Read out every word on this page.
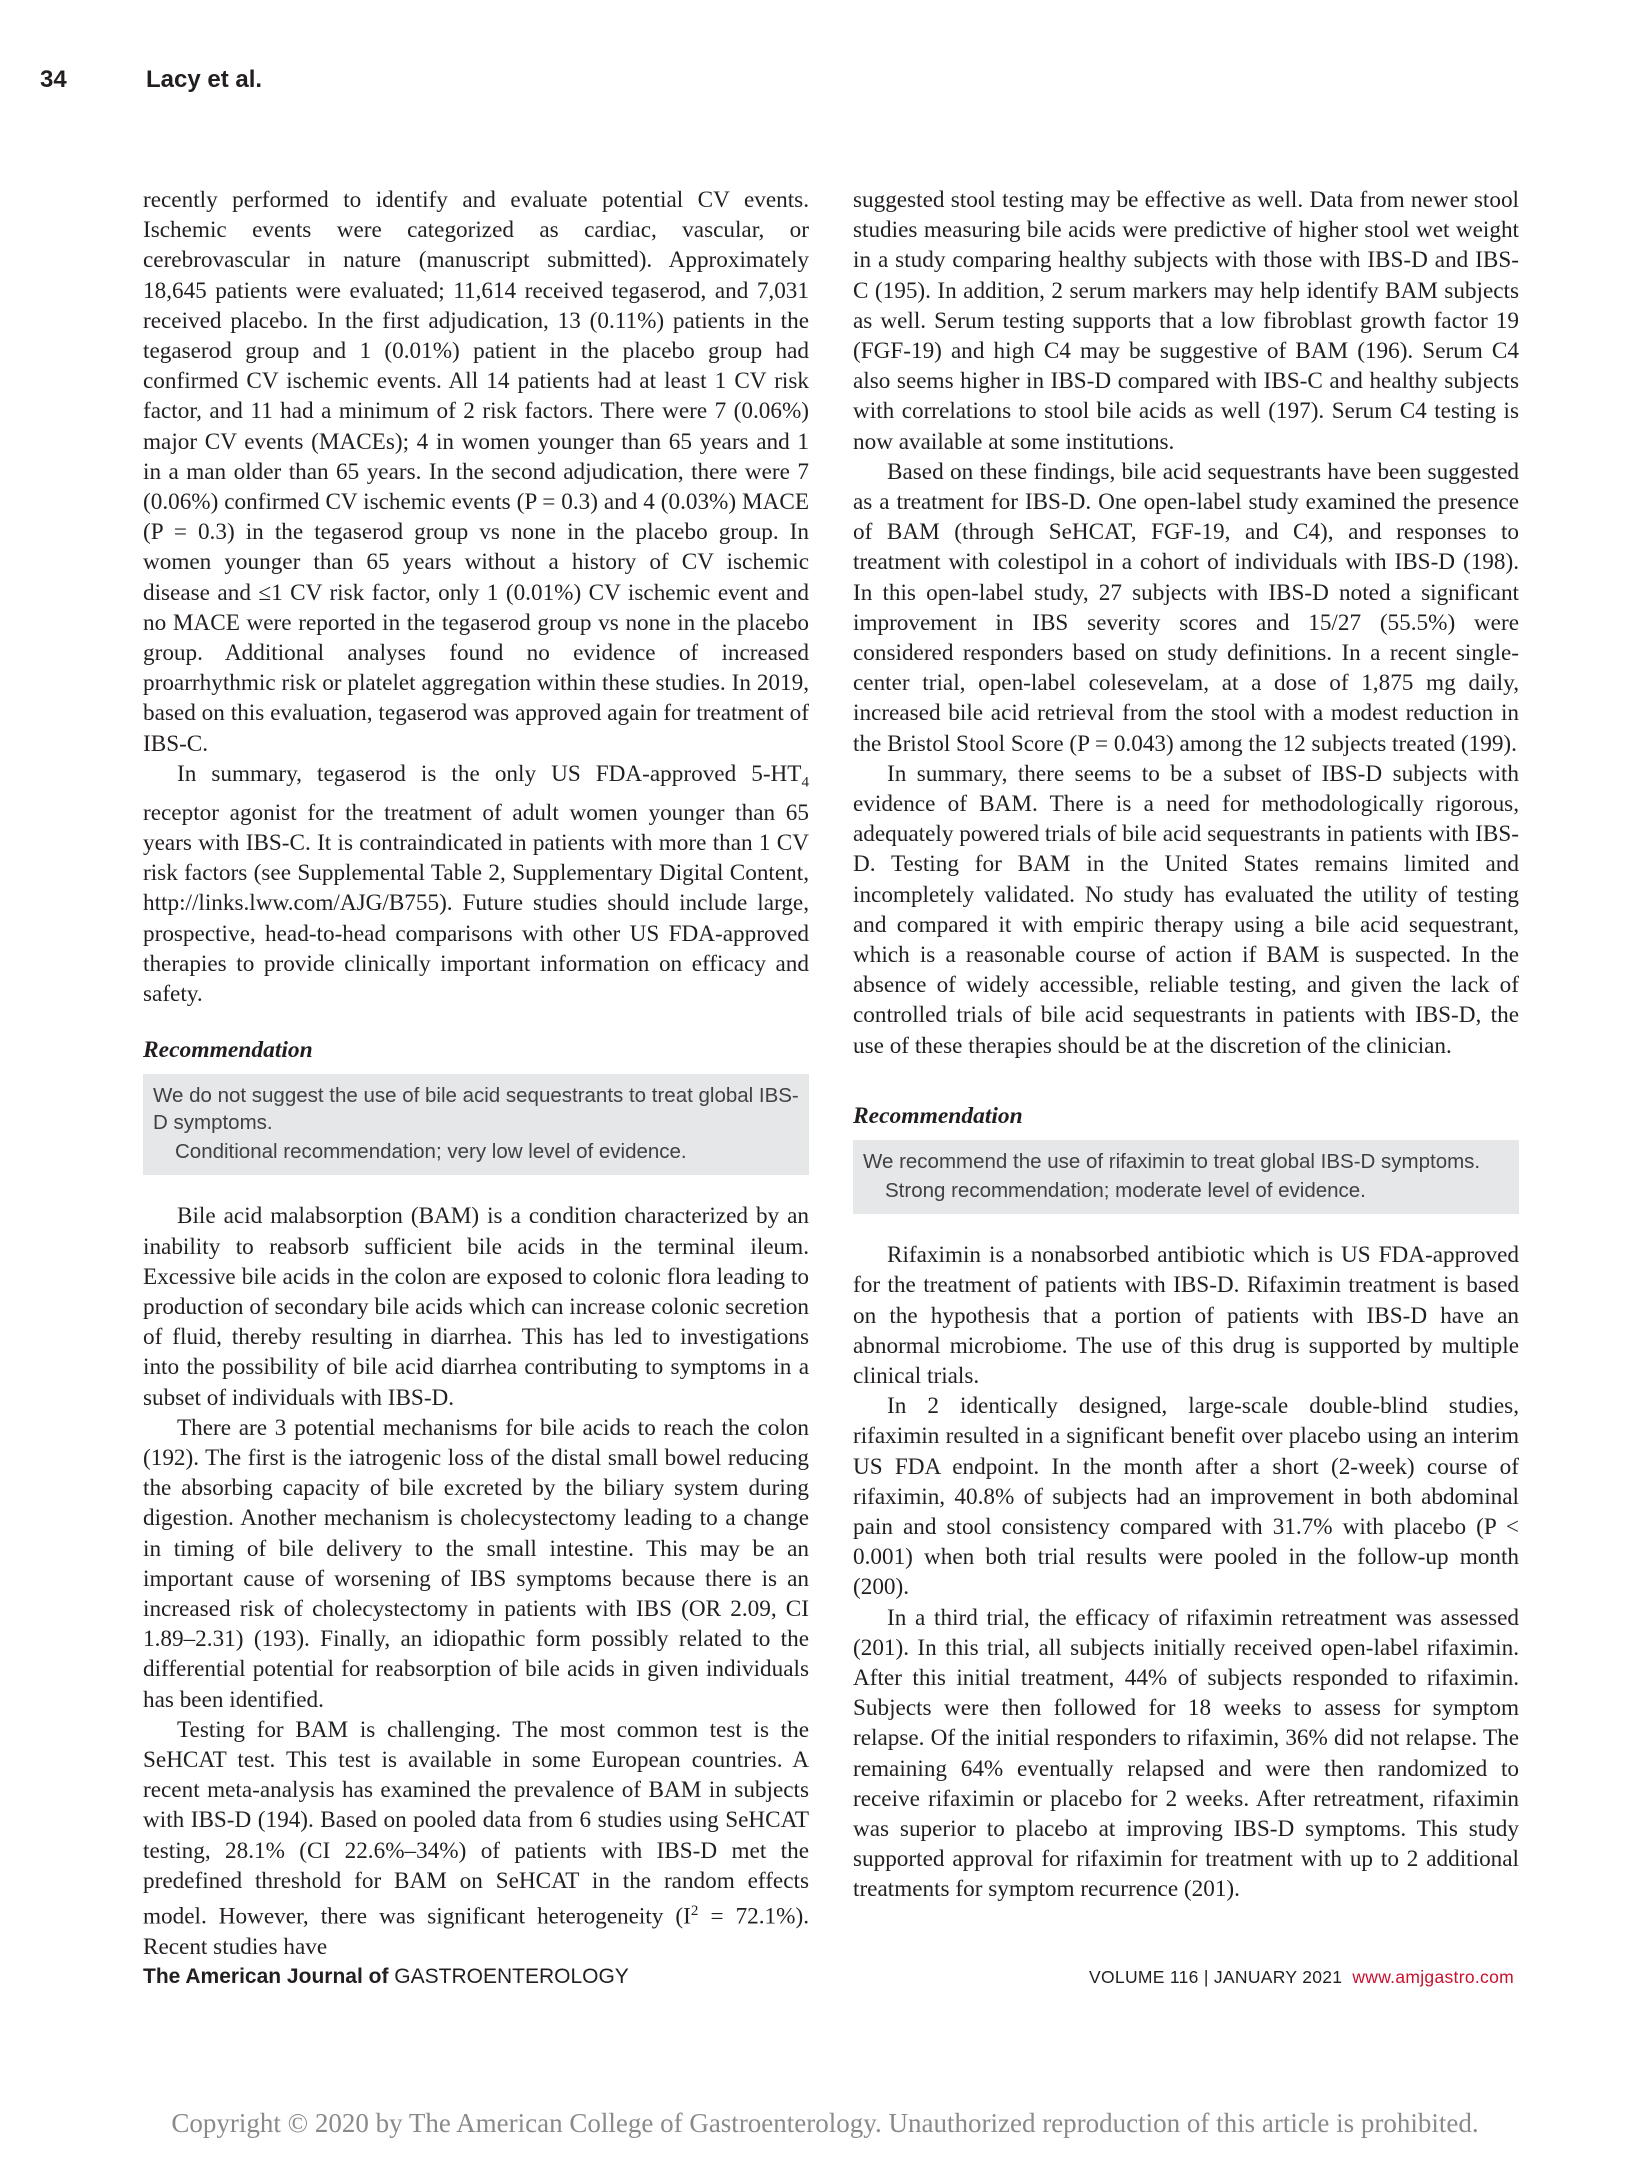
34	Lacy et al.

recently performed to identify and evaluate potential CV events. Ischemic events were categorized as cardiac, vascular, or cerebrovascular in nature (manuscript submitted). Approximately 18,645 patients were evaluated; 11,614 received tegaserod, and 7,031 received placebo. In the first adjudication, 13 (0.11%) patients in the tegaserod group and 1 (0.01%) patient in the placebo group had confirmed CV ischemic events. All 14 patients had at least 1 CV risk factor, and 11 had a minimum of 2 risk factors. There were 7 (0.06%) major CV events (MACEs); 4 in women younger than 65 years and 1 in a man older than 65 years. In the second adjudication, there were 7 (0.06%) confirmed CV ischemic events (P = 0.3) and 4 (0.03%) MACE (P = 0.3) in the tegaserod group vs none in the placebo group. In women younger than 65 years without a history of CV ischemic disease and ≤1 CV risk factor, only 1 (0.01%) CV ischemic event and no MACE were reported in the tegaserod group vs none in the placebo group. Additional analyses found no evidence of increased proarrhythmic risk or platelet aggregation within these studies. In 2019, based on this evaluation, tegaserod was approved again for treatment of IBS-C.

In summary, tegaserod is the only US FDA-approved $5-HT_4$ receptor agonist for the treatment of adult women younger than 65 years with IBS-C. It is contraindicated in patients with more than 1 CV risk factors (see Supplemental Table 2, Supplementary Digital Content, http://links.lww.com/AJG/B755). Future studies should include large, prospective, head-to-head comparisons with other US FDA-approved therapies to provide clinically important information on efficacy and safety.

Recommendation
We do not suggest the use of bile acid sequestrants to treat global IBS-D symptoms.
Conditional recommendation; very low level of evidence.

Bile acid malabsorption (BAM) is a condition characterized by an inability to reabsorb sufficient bile acids in the terminal ileum. Excessive bile acids in the colon are exposed to colonic flora leading to production of secondary bile acids which can increase colonic secretion of fluid, thereby resulting in diarrhea. This has led to investigations into the possibility of bile acid diarrhea contributing to symptoms in a subset of individuals with IBS-D.

There are 3 potential mechanisms for bile acids to reach the colon (192). The first is the iatrogenic loss of the distal small bowel reducing the absorbing capacity of bile excreted by the biliary system during digestion. Another mechanism is cholecystectomy leading to a change in timing of bile delivery to the small intestine. This may be an important cause of worsening of IBS symptoms because there is an increased risk of cholecystectomy in patients with IBS (OR 2.09, CI 1.89–2.31) (193). Finally, an idiopathic form possibly related to the differential potential for reabsorption of bile acids in given individuals has been identified.

Testing for BAM is challenging. The most common test is the SeHCAT test. This test is available in some European countries. A recent meta-analysis has examined the prevalence of BAM in subjects with IBS-D (194). Based on pooled data from 6 studies using SeHCAT testing, 28.1% (CI 22.6%–34%) of patients with IBS-D met the predefined threshold for BAM on SeHCAT in the random effects model. However, there was significant heterogeneity $(I^2 = 72.1\%)$. Recent studies have

suggested stool testing may be effective as well. Data from newer stool studies measuring bile acids were predictive of higher stool wet weight in a study comparing healthy subjects with those with IBS-D and IBS-C (195). In addition, 2 serum markers may help identify BAM subjects as well. Serum testing supports that a low fibroblast growth factor 19 (FGF-19) and high C4 may be suggestive of BAM (196). Serum C4 also seems higher in IBS-D compared with IBS-C and healthy subjects with correlations to stool bile acids as well (197). Serum C4 testing is now available at some institutions.

Based on these findings, bile acid sequestrants have been suggested as a treatment for IBS-D. One open-label study examined the presence of BAM (through SeHCAT, FGF-19, and C4), and responses to treatment with colestipol in a cohort of individuals with IBS-D (198). In this open-label study, 27 subjects with IBS-D noted a significant improvement in IBS severity scores and 15/27 (55.5%) were considered responders based on study definitions. In a recent single-center trial, open-label colesevelam, at a dose of 1,875 mg daily, increased bile acid retrieval from the stool with a modest reduction in the Bristol Stool Score (P = 0.043) among the 12 subjects treated (199).

In summary, there seems to be a subset of IBS-D subjects with evidence of BAM. There is a need for methodologically rigorous, adequately powered trials of bile acid sequestrants in patients with IBS-D. Testing for BAM in the United States remains limited and incompletely validated. No study has evaluated the utility of testing and compared it with empiric therapy using a bile acid sequestrant, which is a reasonable course of action if BAM is suspected. In the absence of widely accessible, reliable testing, and given the lack of controlled trials of bile acid sequestrants in patients with IBS-D, the use of these therapies should be at the discretion of the clinician.

Recommendation
We recommend the use of rifaximin to treat global IBS-D symptoms.
Strong recommendation; moderate level of evidence.

Rifaximin is a nonabsorbed antibiotic which is US FDA-approved for the treatment of patients with IBS-D. Rifaximin treatment is based on the hypothesis that a portion of patients with IBS-D have an abnormal microbiome. The use of this drug is supported by multiple clinical trials.

In 2 identically designed, large-scale double-blind studies, rifaximin resulted in a significant benefit over placebo using an interim US FDA endpoint. In the month after a short (2-week) course of rifaximin, 40.8% of subjects had an improvement in both abdominal pain and stool consistency compared with 31.7% with placebo (P < 0.001) when both trial results were pooled in the follow-up month (200).

In a third trial, the efficacy of rifaximin retreatment was assessed (201). In this trial, all subjects initially received open-label rifaximin. After this initial treatment, 44% of subjects responded to rifaximin. Subjects were then followed for 18 weeks to assess for symptom relapse. Of the initial responders to rifaximin, 36% did not relapse. The remaining 64% eventually relapsed and were then randomized to receive rifaximin or placebo for 2 weeks. After retreatment, rifaximin was superior to placebo at improving IBS-D symptoms. This study supported approval for rifaximin for treatment with up to 2 additional treatments for symptom recurrence (201).

The American Journal of GASTROENTEROLOGY	VOLUME 116 | JANUARY 2021 www.amjgastro.com
Copyright © 2020 by The American College of Gastroenterology. Unauthorized reproduction of this article is prohibited.
